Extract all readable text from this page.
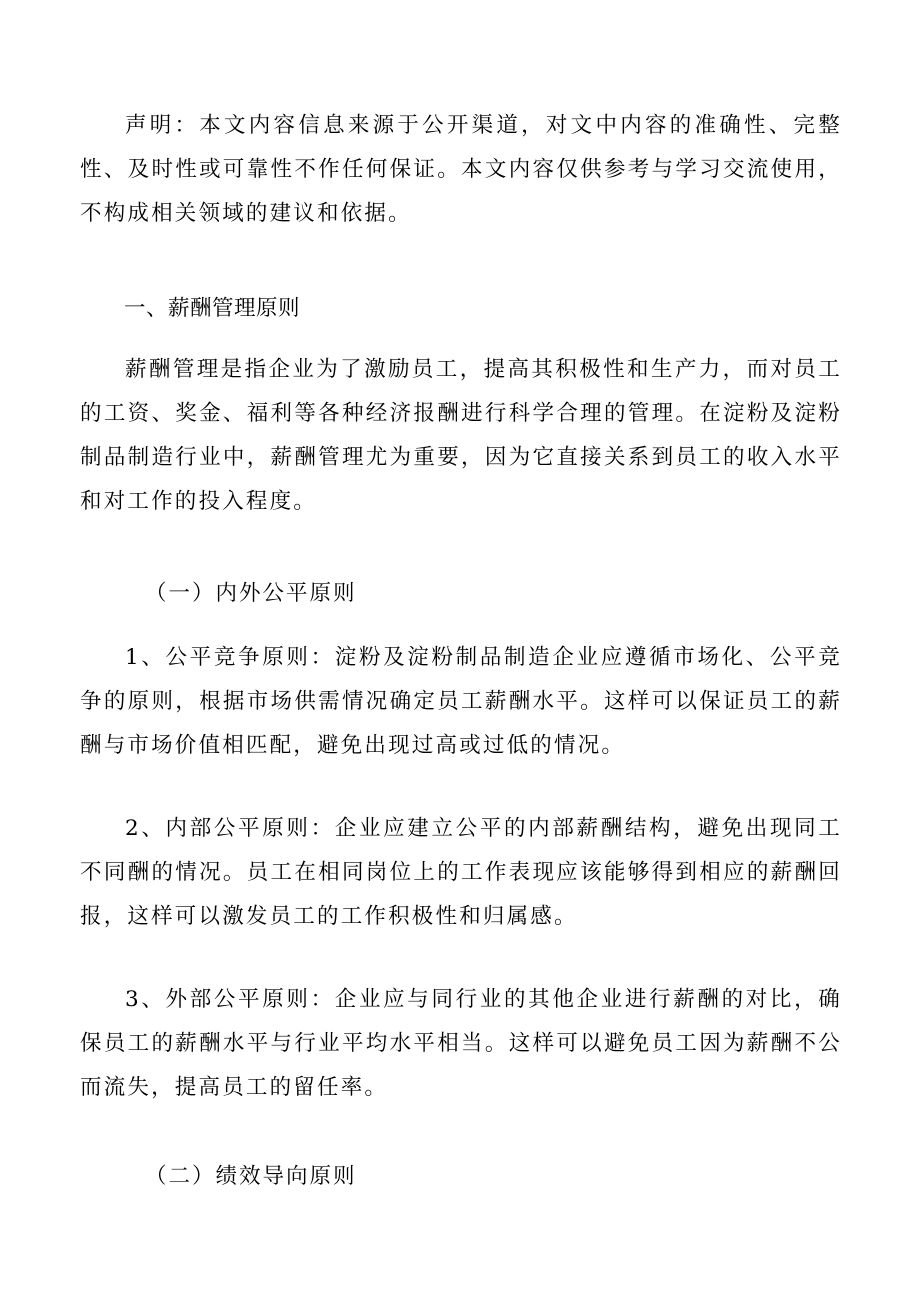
声明：本文内容信息来源于公开渠道，对文中内容的准确性、完整性、及时性或可靠性不作任何保证。本文内容仅供参考与学习交流使用，不构成相关领域的建议和依据。

一、薪酬管理原则

薪酬管理是指企业为了激励员工，提高其积极性和生产力，而对员工的工资、奖金、福利等各种经济报酬进行科学合理的管理。在淀粉及淀粉制品制造行业中，薪酬管理尤为重要，因为它直接关系到员工的收入水平和对工作的投入程度。

（一）内外公平原则

1、公平竞争原则：淀粉及淀粉制品制造企业应遵循市场化、公平竞争的原则，根据市场供需情况确定员工薪酬水平。这样可以保证员工的薪酬与市场价值相匹配，避免出现过高或过低的情况。

2、内部公平原则：企业应建立公平的内部薪酬结构，避免出现同工不同酬的情况。员工在相同岗位上的工作表现应该能够得到相应的薪酬回报，这样可以激发员工的工作积极性和归属感。

3、外部公平原则：企业应与同行业的其他企业进行薪酬的对比，确保员工的薪酬水平与行业平均水平相当。这样可以避免员工因为薪酬不公而流失，提高员工的留任率。

（二）绩效导向原则
